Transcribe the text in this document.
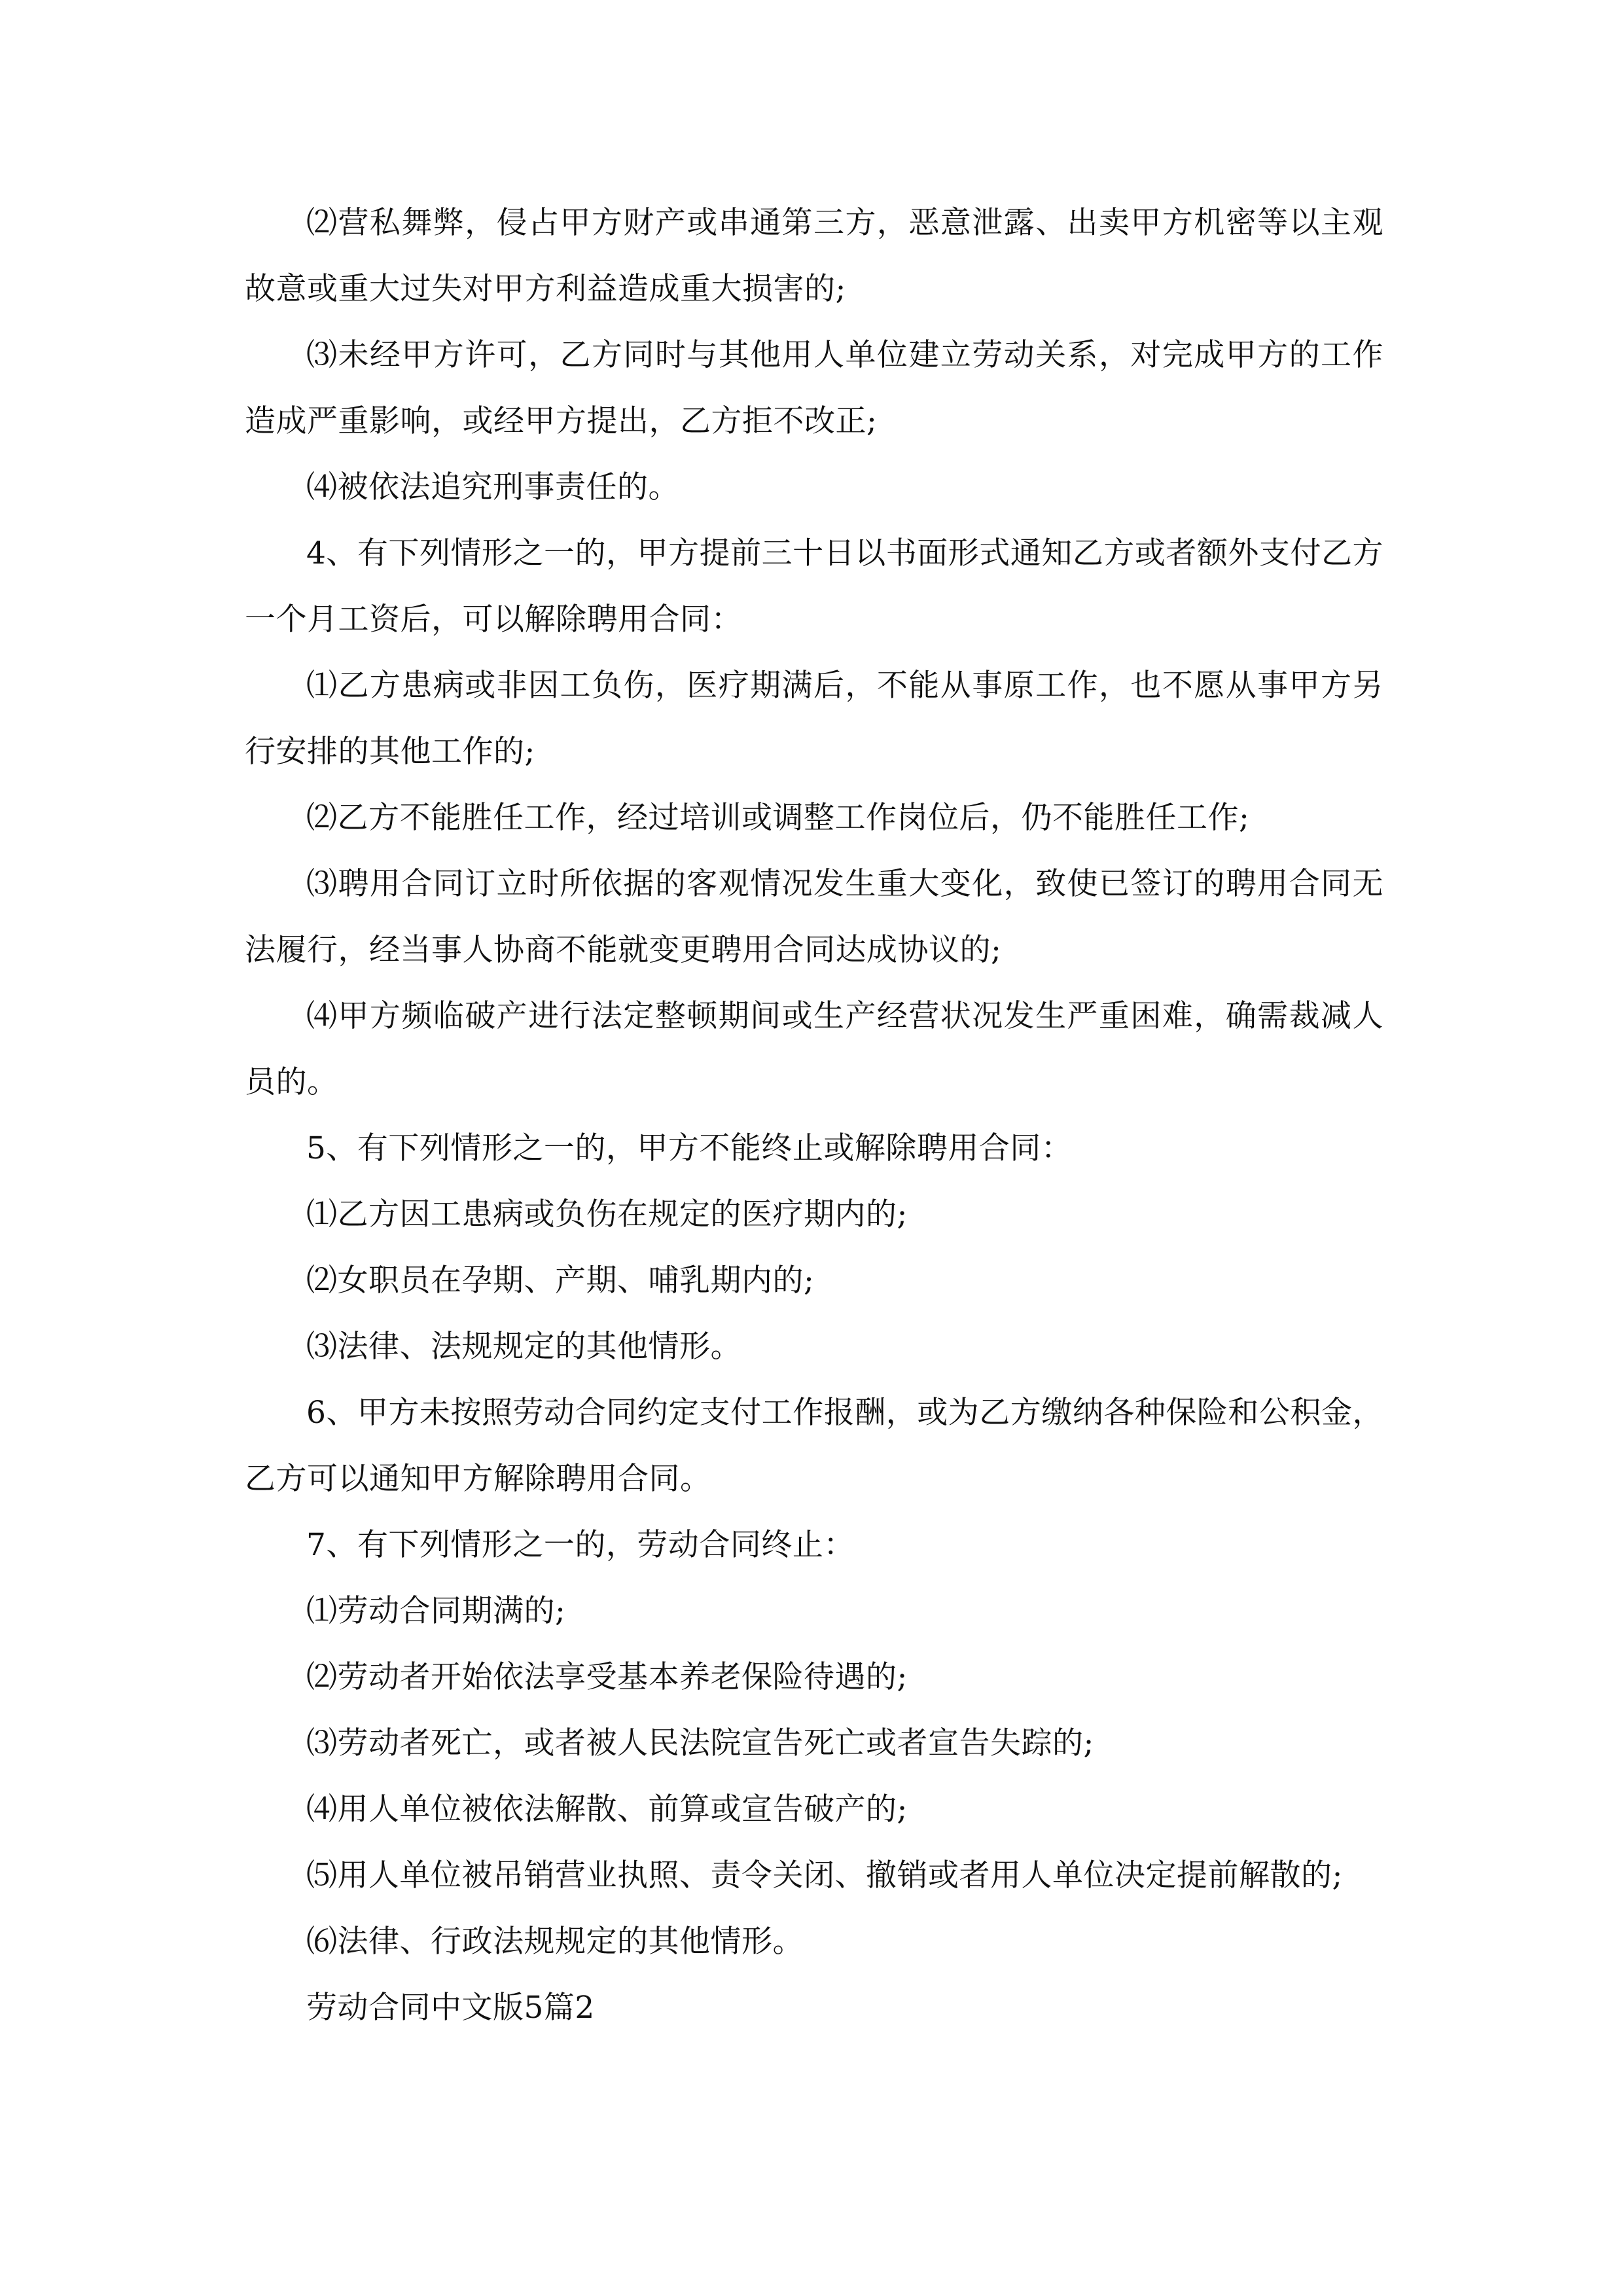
⑵营私舞弊，侵占甲方财产或串通第三方，恶意泄露、出卖甲方机密等以主观故意或重大过失对甲方利益造成重大损害的;

⑶未经甲方许可，乙方同时与其他用人单位建立劳动关系，对完成甲方的工作造成严重影响，或经甲方提出，乙方拒不改正;

⑷被依法追究刑事责任的。

4、有下列情形之一的，甲方提前三十日以书面形式通知乙方或者额外支付乙方一个月工资后，可以解除聘用合同：

⑴乙方患病或非因工负伤，医疗期满后，不能从事原工作，也不愿从事甲方另行安排的其他工作的;

⑵乙方不能胜任工作，经过培训或调整工作岗位后，仍不能胜任工作;

⑶聘用合同订立时所依据的客观情况发生重大变化，致使已签订的聘用合同无法履行，经当事人协商不能就变更聘用合同达成协议的;

⑷甲方频临破产进行法定整顿期间或生产经营状况发生严重困难，确需裁减人员的。

5、有下列情形之一的，甲方不能终止或解除聘用合同：

⑴乙方因工患病或负伤在规定的医疗期内的;

⑵女职员在孕期、产期、哺乳期内的;

⑶法律、法规规定的其他情形。

6、甲方未按照劳动合同约定支付工作报酬，或为乙方缴纳各种保险和公积金，乙方可以通知甲方解除聘用合同。

7、有下列情形之一的，劳动合同终止：

⑴劳动合同期满的;

⑵劳动者开始依法享受基本养老保险待遇的;

⑶劳动者死亡，或者被人民法院宣告死亡或者宣告失踪的;

⑷用人单位被依法解散、前算或宣告破产的;

⑸用人单位被吊销营业执照、责令关闭、撤销或者用人单位决定提前解散的;

⑹法律、行政法规规定的其他情形。

劳动合同中文版5篇2
